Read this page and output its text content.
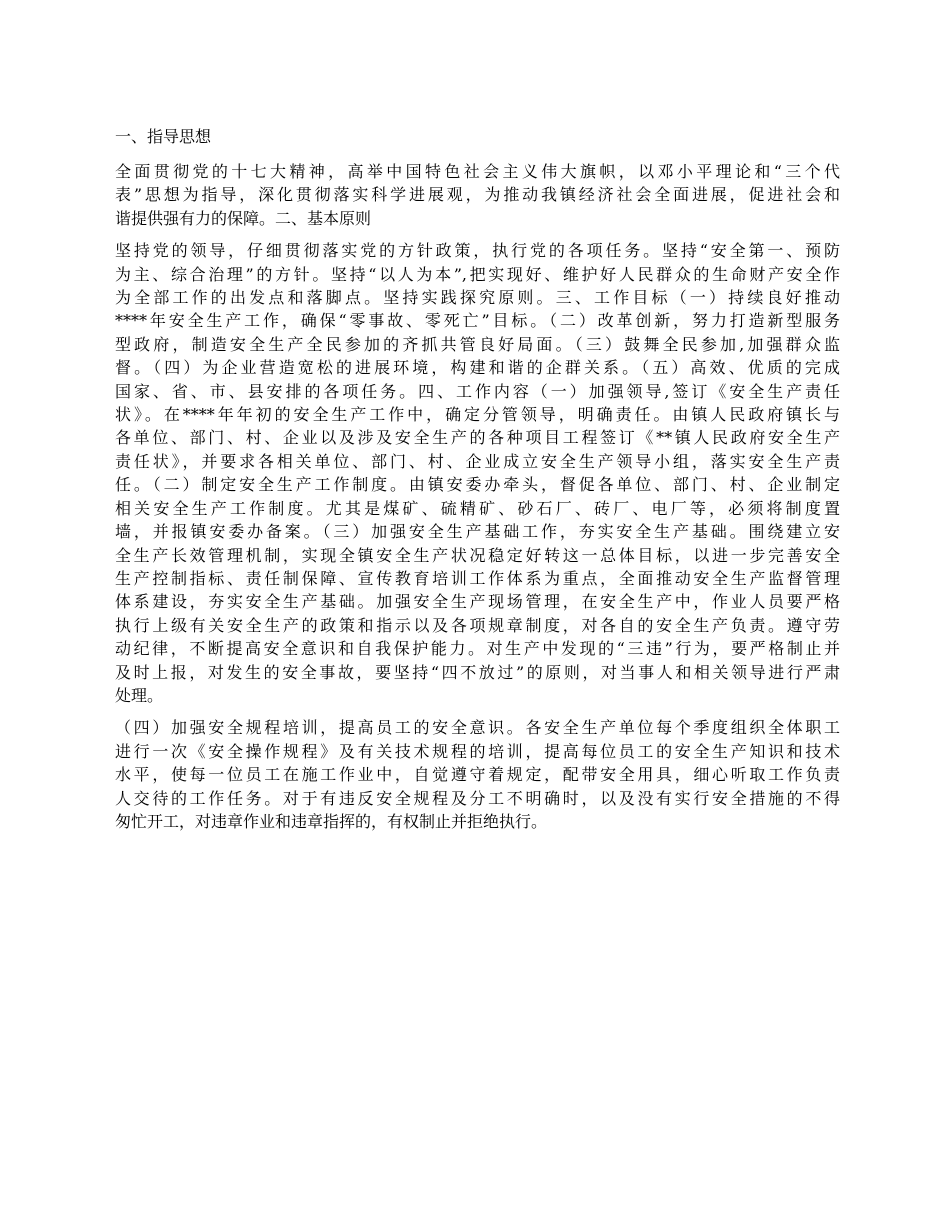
一、指导思想
全面贯彻党的十七大精神，高举中国特色社会主义伟大旗帜，以邓小平理论和“三个代
表”思想为指导，深化贯彻落实科学进展观，为推动我镇经济社会全面进展，促进社会和
谐提供强有力的保障。二、基本原则
坚持党的领导，仔细贯彻落实党的方针政策，执行党的各项任务。坚持“安全第一、预防
为主、综合治理”的方针。坚持“以人为本”,把实现好、维护好人民群众的生命财产安全作
为全部工作的出发点和落脚点。坚持实践探究原则。三、工作目标（一）持续良好推动
****年安全生产工作，确保“零事故、零死亡”目标。（二）改革创新，努力打造新型服务
型政府，制造安全生产全民参加的齐抓共管良好局面。（三）鼓舞全民参加,加强群众监
督。（四）为企业营造宽松的进展环境，构建和谐的企群关系。（五）高效、优质的完成
国家、省、市、县安排的各项任务。四、工作内容（一）加强领导,签订《安全生产责任
状》。在****年年初的安全生产工作中，确定分管领导，明确责任。由镇人民政府镇长与
各单位、部门、村、企业以及涉及安全生产的各种项目工程签订《**镇人民政府安全生产
责任状》，并要求各相关单位、部门、村、企业成立安全生产领导小组，落实安全生产责
任。（二）制定安全生产工作制度。由镇安委办牵头，督促各单位、部门、村、企业制定
相关安全生产工作制度。尤其是煤矿、硫精矿、砂石厂、砖厂、电厂等，必须将制度置
墙，并报镇安委办备案。（三）加强安全生产基础工作，夯实安全生产基础。围绕建立安
全生产长效管理机制，实现全镇安全生产状况稳定好转这一总体目标，以进一步完善安全
生产控制指标、责任制保障、宣传教育培训工作体系为重点，全面推动安全生产监督管理
体系建设，夯实安全生产基础。加强安全生产现场管理，在安全生产中，作业人员要严格
执行上级有关安全生产的政策和指示以及各项规章制度，对各自的安全生产负责。遵守劳
动纪律，不断提高安全意识和自我保护能力。对生产中发现的“三违”行为，要严格制止并
及时上报，对发生的安全事故，要坚持“四不放过”的原则，对当事人和相关领导进行严肃
处理。
（四）加强安全规程培训，提高员工的安全意识。各安全生产单位每个季度组织全体职工
进行一次《安全操作规程》及有关技术规程的培训，提高每位员工的安全生产知识和技术
水平，使每一位员工在施工作业中，自觉遵守着规定，配带安全用具，细心听取工作负责
人交待的工作任务。对于有违反安全规程及分工不明确时，以及没有实行安全措施的不得
匆忙开工，对违章作业和违章指挥的，有权制止并拒绝执行。
